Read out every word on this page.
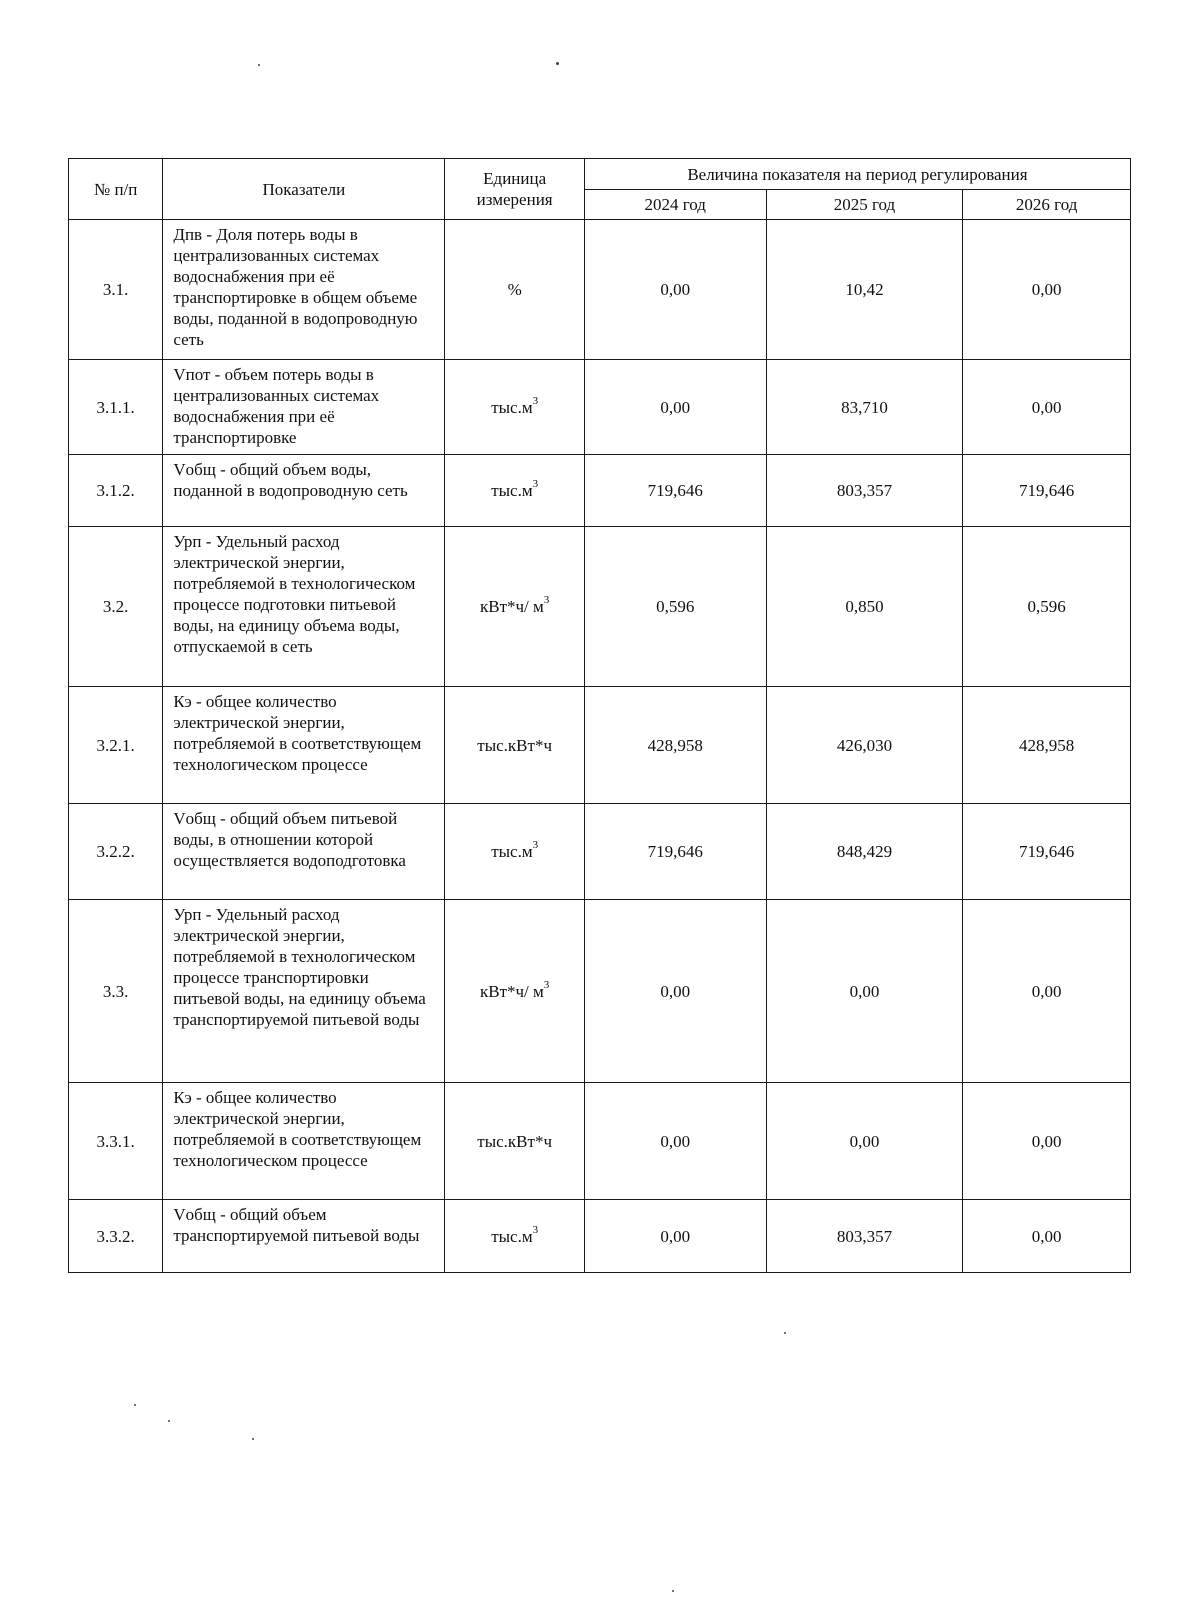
№ п/п	Показатели	Единица измерения	Величина показателя на период регулирования		
			2024 год	2025 год	2026 год
3.1.	Дпв - Доля потерь воды в централизованных системах водоснабжения при её транспортировке в общем объеме воды, поданной в водопроводную сеть	%	0,00	10,42	0,00
3.1.1.	Vпот - объем потерь воды в централизованных системах водоснабжения при её транспортировке	$тыс.м^3$	0,00	83,710	0,00
3.1.2.	Vобщ - общий объем воды, поданной в водопроводную сеть	$тыс.м^3$	719,646	803,357	719,646
3.2.	Урп - Удельный расход электрической энергии, потребляемой в технологическом процессе подготовки питьевой воды, на единицу объема воды, отпускаемой в сеть	кВт*ч/ $м^3$	0,596	0,850	0,596
3.2.1.	Кэ - общее количество электрической энергии, потребляемой в соответствующем технологическом процессе	тыс.кВт*ч	428,958	426,030	428,958
3.2.2.	Vобщ - общий объем питьевой воды, в отношении которой осуществляется водоподготовка	$тыс.м^3$	719,646	848,429	719,646
3.3.	Урп - Удельный расход электрической энергии, потребляемой в технологическом процессе транспортировки питьевой воды, на единицу объема транспортируемой питьевой воды	кВт*ч/ $м^3$	0,00	0,00	0,00
3.3.1.	Кэ - общее количество электрической энергии, потребляемой в соответствующем технологическом процессе	тыс.кВт*ч	0,00	0,00	0,00
3.3.2.	Vобщ - общий объем транспортируемой питьевой воды	$тыс.м^3$	0,00	803,357	0,00
